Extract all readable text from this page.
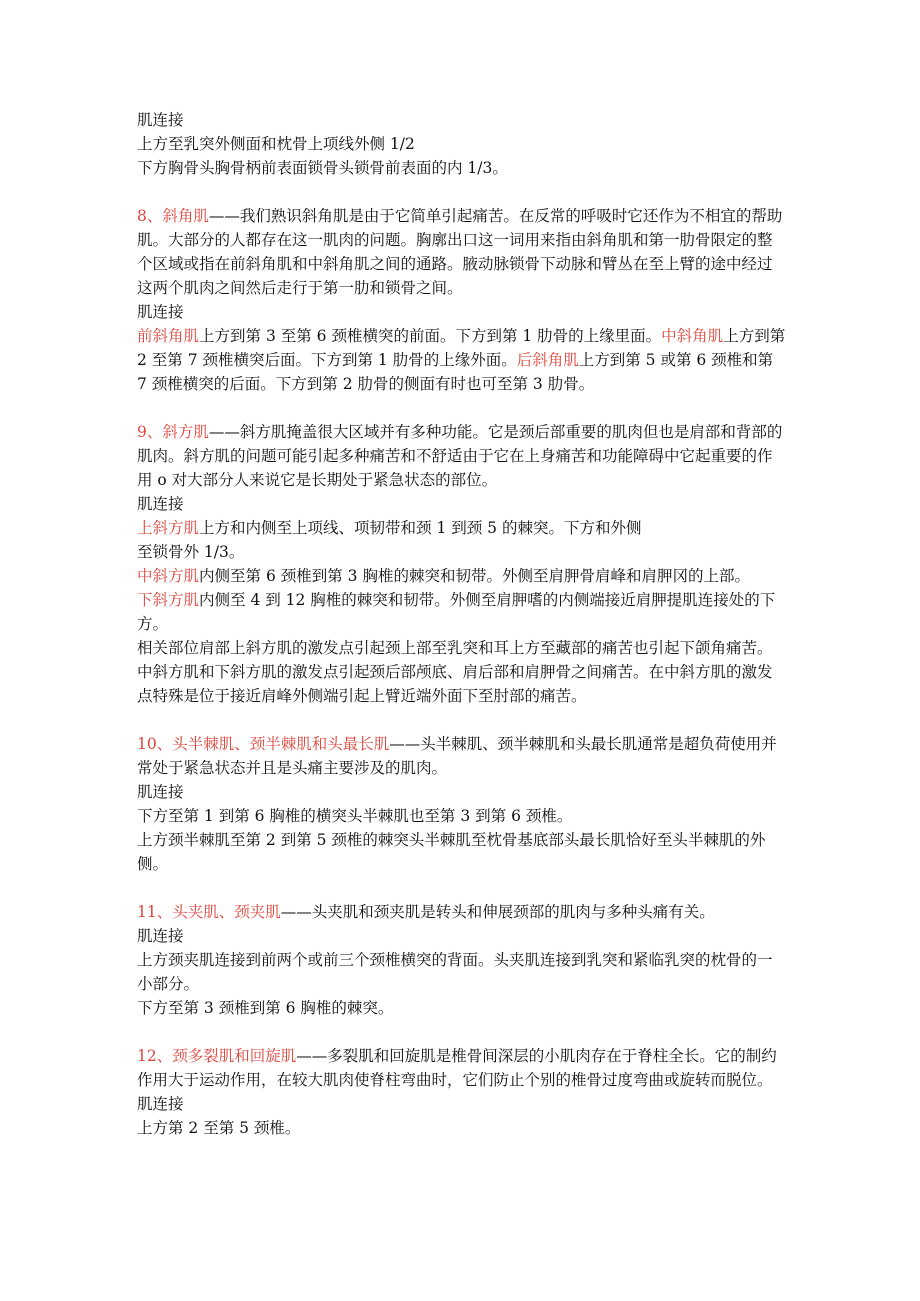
肌连接

上方至乳突外侧面和枕骨上项线外侧 1/2

下方胸骨头胸骨柄前表面锁骨头锁骨前表面的内 1/3。

8、斜角肌——我们熟识斜角肌是由于它简单引起痛苦。在反常的呼吸时它还作为不相宜的帮助肌。大部分的人都存在这一肌肉的问题。胸廓出口这一词用来指由斜角肌和第一肋骨限定的整个区域或指在前斜角肌和中斜角肌之间的通路。腋动脉锁骨下动脉和臂丛在至上臂的途中经过这两个肌肉之间然后走行于第一肋和锁骨之间。

肌连接

前斜角肌上方到第 3 至第 6 颈椎横突的前面。下方到第 1 肋骨的上缘里面。中斜角肌上方到第 2 至第 7 颈椎横突后面。下方到第 1 肋骨的上缘外面。后斜角肌上方到第 5 或第 6 颈椎和第 7 颈椎横突的后面。下方到第 2 肋骨的侧面有时也可至第 3 肋骨。

9、斜方肌——斜方肌掩盖很大区域并有多种功能。它是颈后部重要的肌肉但也是肩部和背部的肌肉。斜方肌的问题可能引起多种痛苦和不舒适由于它在上身痛苦和功能障碍中它起重要的作用 o 对大部分人来说它是长期处于紧急状态的部位。

肌连接

上斜方肌上方和内侧至上项线、项韧带和颈 1 到颈 5 的棘突。下方和外侧

至锁骨外 1/3。

中斜方肌内侧至第 6 颈椎到第 3 胸椎的棘突和韧带。外侧至肩胛骨肩峰和肩胛冈的上部。

下斜方肌内侧至 4 到 12 胸椎的棘突和韧带。外侧至肩胛嗜的内侧端接近肩胛提肌连接处的下方。

相关部位肩部上斜方肌的激发点引起颈上部至乳突和耳上方至藏部的痛苦也引起下颌角痛苦。中斜方肌和下斜方肌的激发点引起颈后部颅底、肩后部和肩胛骨之间痛苦。在中斜方肌的激发点特殊是位于接近肩峰外侧端引起上臂近端外面下至肘部的痛苦。

10、头半棘肌、颈半棘肌和头最长肌——头半棘肌、颈半棘肌和头最长肌通常是超负荷使用并常处于紧急状态并且是头痛主要涉及的肌肉。

肌连接

下方至第 1 到第 6 胸椎的横突头半棘肌也至第 3 到第 6 颈椎。

上方颈半棘肌至第 2 到第 5 颈椎的棘突头半棘肌至枕骨基底部头最长肌恰好至头半棘肌的外侧。

11、头夹肌、颈夹肌——头夹肌和颈夹肌是转头和伸展颈部的肌肉与多种头痛有关。

肌连接

上方颈夹肌连接到前两个或前三个颈椎横突的背面。头夹肌连接到乳突和紧临乳突的枕骨的一小部分。

下方至第 3 颈椎到第 6 胸椎的棘突。

12、颈多裂肌和回旋肌——多裂肌和回旋肌是椎骨间深层的小肌肉存在于脊柱全长。它的制约作用大于运动作用，在较大肌肉使脊柱弯曲时，它们防止个别的椎骨过度弯曲或旋转而脱位。

肌连接

上方第 2 至第 5 颈椎。
